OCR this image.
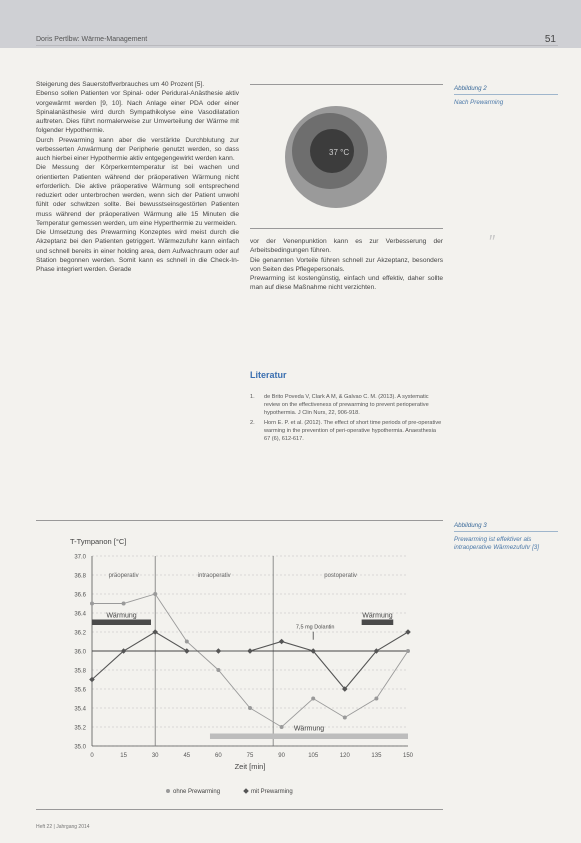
Doris Pertlbw: Wärme-Management	51

Steigerung des Sauerstoffverbrauches um 40 Prozent [5].

Ebenso sollen Patienten vor Spinal- oder Peridural-Anästhesie aktiv vorgewärmt werden [9, 10]. Nach Anlage einer PDA oder einer Spinalanästhesie wird durch Sympathikolyse eine Vasodilatation auftreten. Dies führt normalerweise zur Umverteilung der Wärme mit folgender Hypothermie.

Durch Prewarming kann aber die verstärkte Durchblutung zur verbesserten Anwärmung der Peripherie genutzt werden, so dass auch hierbei einer Hypothermie aktiv entgegengewirkt werden kann.

Die Messung der Körperkerntemperatur ist bei wachen und orientierten Patienten während der präoperativen Wärmung nicht erforderlich. Die aktive präoperative Wärmung soll entsprechend reduziert oder unterbrochen werden, wenn sich der Patient unwohl fühlt oder schwitzen sollte. Bei bewusstseinsgestörten Patienten muss während der präoperativen Wärmung alle 15 Minuten die Temperatur gemessen werden, um eine Hyperthermie zu vermeiden.

Die Umsetzung des Prewarming Konzeptes wird meist durch die Akzeptanz bei den Patienten getriggert. Wärmezufuhr kann einfach und schnell bereits in einer holding area, dem Aufwachraum oder auf Station begonnen werden. Somit kann es schnell in die Check-In-Phase integriert werden. Gerade

37 °C
Abbildung 2
Nach Prewarming

vor der Venenpunktion kann es zur Verbesserung der Arbeitsbedingungen führen.

Die genannten Vorteile führen schnell zur Akzeptanz, besonders von Seiten des Pflegepersonals.

Prewarming ist kostengünstig, einfach und effektiv, daher sollte man auf diese Maßnahme nicht verzichten.

Literatur
1. de Brito Poveda V, Clark A M, & Galvao C. M. (2013). A systematic review on the effectiveness of prewarming to prevent perioperative hypothermia. J Clin Nurs, 22, 906-918.
2. Horn E. P. et al. (2012). The effect of short time periods of pre-operative warming in the prevention of peri-operative hypothermia. Anaesthesia 67 (6), 612-617.
″
T-Tympanon [°C]
35.0
35.2
35.4
35.6
35.8
36.0
36.2
36.4
36.6
36.8
37.0
0	15	30	45	60	75	90	105	120	135	150
Zeit [min]
präoperativ	intraoperativ	postoperativ
Wärmung	Wärmung
Wärmung
7,5 mg Dolantin
ohne Prewarming	mit Prewarming
Abbildung 3
Prewarming ist effektiver als intraoperative Wärmezufuhr [3]
Heft 22 | Jahrgang 2014
